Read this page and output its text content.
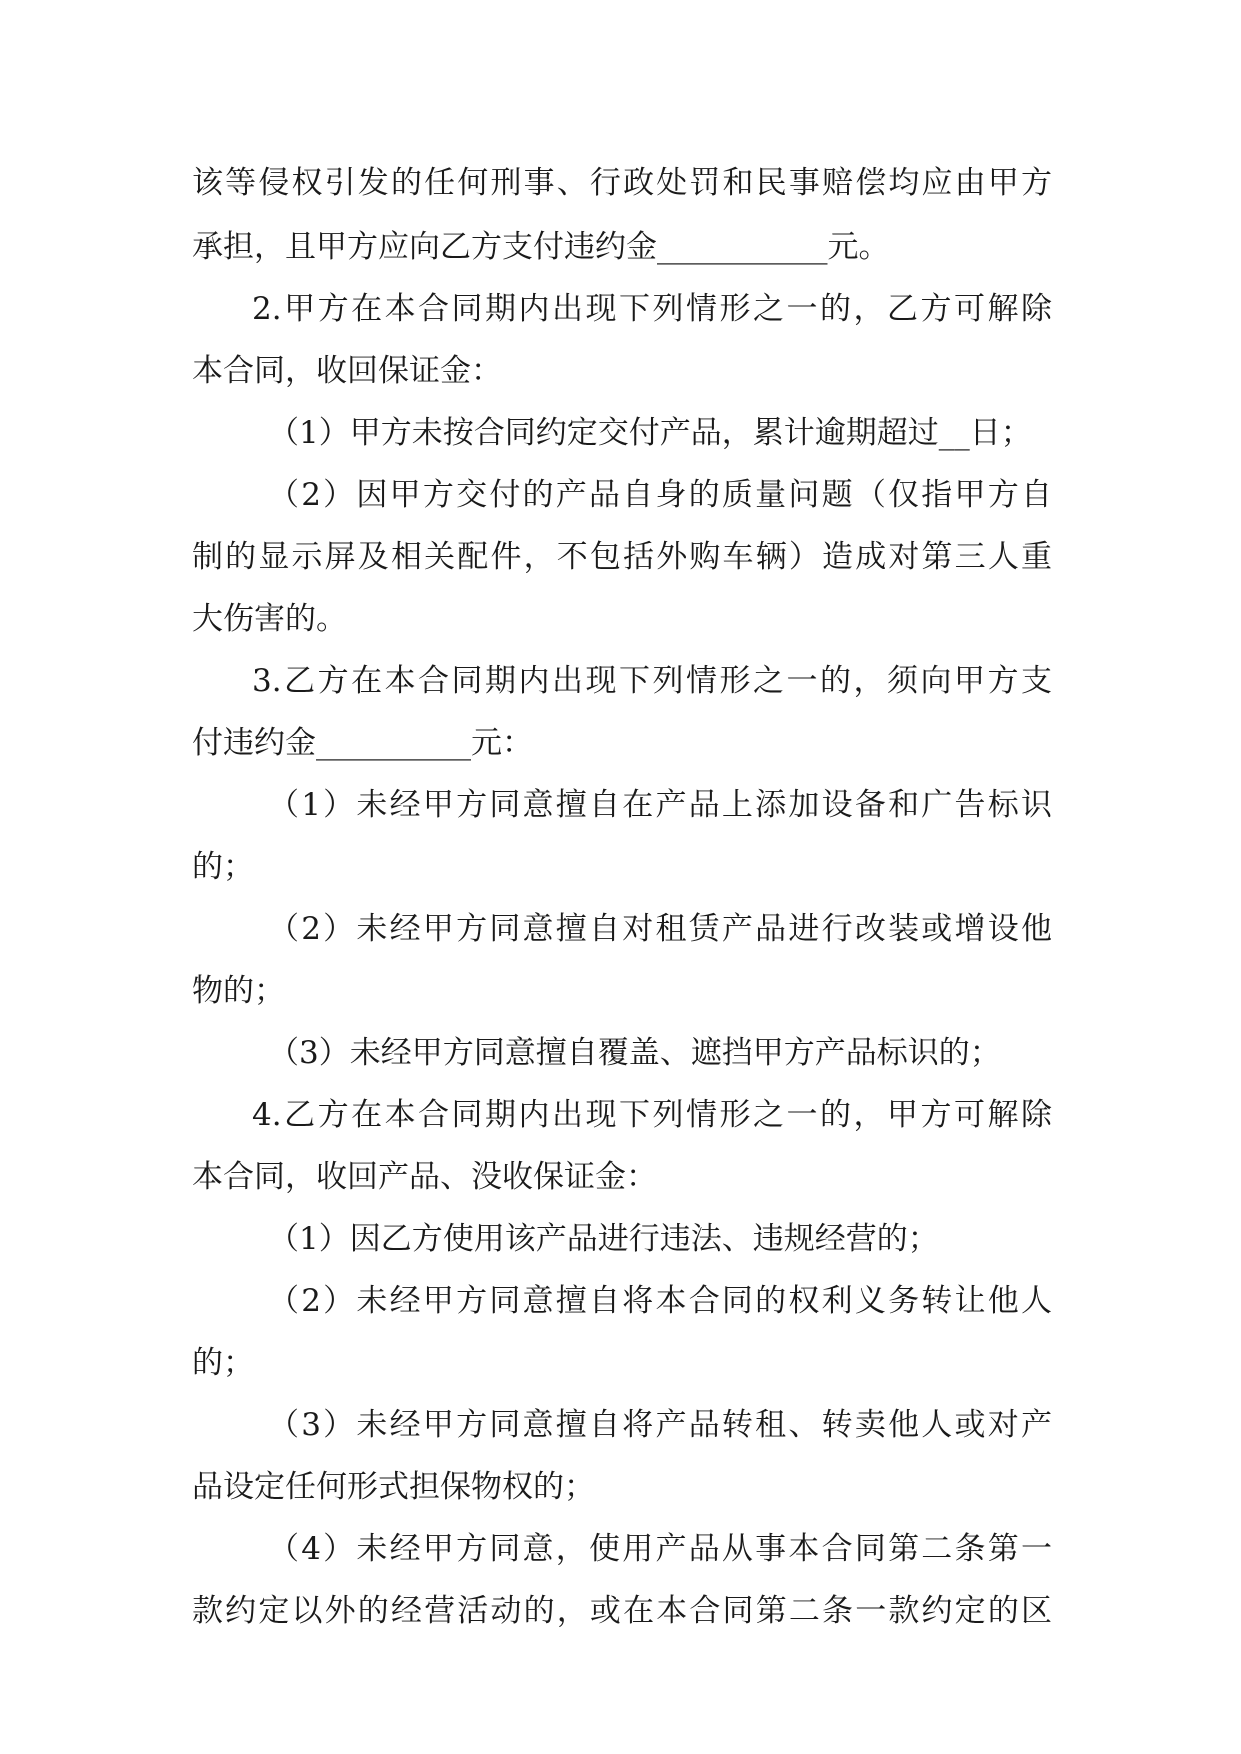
该等侵权引发的任何刑事、行政处罚和民事赔偿均应由甲方
承担，且甲方应向乙方支付违约金___________元。
2.甲方在本合同期内出现下列情形之一的，乙方可解除
本合同，收回保证金：
（1）甲方未按合同约定交付产品，累计逾期超过__日；
（2）因甲方交付的产品自身的质量问题（仅指甲方自
制的显示屏及相关配件，不包括外购车辆）造成对第三人重
大伤害的。
3.乙方在本合同期内出现下列情形之一的，须向甲方支
付违约金__________元：
（1）未经甲方同意擅自在产品上添加设备和广告标识
的；
（2）未经甲方同意擅自对租赁产品进行改装或增设他
物的；
（3）未经甲方同意擅自覆盖、遮挡甲方产品标识的；
4.乙方在本合同期内出现下列情形之一的，甲方可解除
本合同，收回产品、没收保证金：
（1）因乙方使用该产品进行违法、违规经营的；
（2）未经甲方同意擅自将本合同的权利义务转让他人
的；
（3）未经甲方同意擅自将产品转租、转卖他人或对产
品设定任何形式担保物权的；
（4）未经甲方同意，使用产品从事本合同第二条第一
款约定以外的经营活动的，或在本合同第二条一款约定的区
